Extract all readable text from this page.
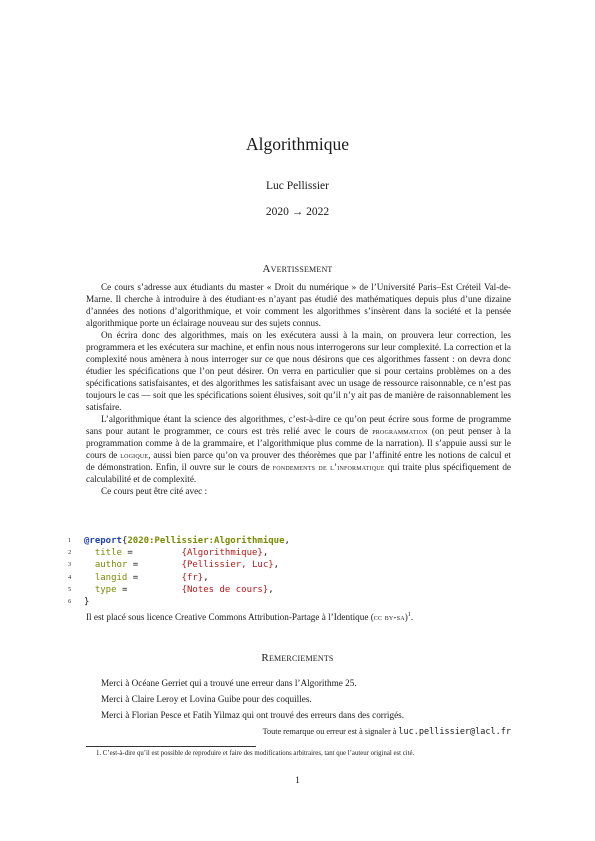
Algorithmique
Luc Pellissier
2020 → 2022
Avertissement

Ce cours s’adresse aux étudiants du master « Droit du numérique » de l’Université Paris–Est Créteil Val-de-Marne. Il cherche à introduire à des étudiant·es n’ayant pas étudié des mathématiques depuis plus d’une dizaine d’années des notions d’algorithmique, et voir comment les algorithmes s’insèrent dans la société et la pensée algorithmique porte un éclairage nouveau sur des sujets connus.

On écrira donc des algorithmes, mais on les exécutera aussi à la main, on prouvera leur correction, les programmera et les exécutera sur machine, et enfin nous nous interrogerons sur leur complexité. La correction et la complexité nous amènera à nous interroger sur ce que nous désirons que ces algorithmes fassent : on devra donc étudier les spécifications que l’on peut désirer. On verra en particulier que si pour certains problèmes on a des spécifications satisfaisantes, et des algorithmes les satisfaisant avec un usage de ressource raisonnable, ce n’est pas toujours le cas — soit que les spécifications soient élusives, soit qu’il n’y ait pas de manière de raisonnablement les satisfaire.

L’algorithmique étant la science des algorithmes, c’est-à-dire ce qu’on peut écrire sous forme de programme sans pour autant le programmer, ce cours est très relié avec le cours de programmation (on peut penser à la programmation comme à de la grammaire, et l’algorithmique plus comme de la narration). Il s’appuie aussi sur le cours de logique, aussi bien parce qu’on va prouver des théorèmes que par l’affinité entre les notions de calcul et de démonstration. Enfin, il ouvre sur le cours de fondements de l’informatique qui traite plus spécifiquement de calculabilité et de complexité.

Ce cours peut être cité avec :

1 @report{2020:Pellissier:Algorithmique,
2	title =         {Algorithmique},
3	author =        {Pellissier, Luc},
4	langid =        {fr},
5	type =          {Notes de cours},
6 }
Il est placé sous licence Creative Commons Attribution-Partage à l’Identique (cc by-sa)$^1$.
Remerciements
Merci à Océane Gerriet qui a trouvé une erreur dans l’Algorithme 25.
Merci à Claire Leroy et Lovina Guibe pour des coquilles.
Merci à Florian Pesce et Fatih Yilmaz qui ont trouvé des erreurs dans des corrigés.
Toute remarque ou erreur est à signaler à luc.pellissier@lacl.fr
1. C’est-à-dire qu’il est possible de reproduire et faire des modifications arbitraires, tant que l’auteur original est cité.
1
